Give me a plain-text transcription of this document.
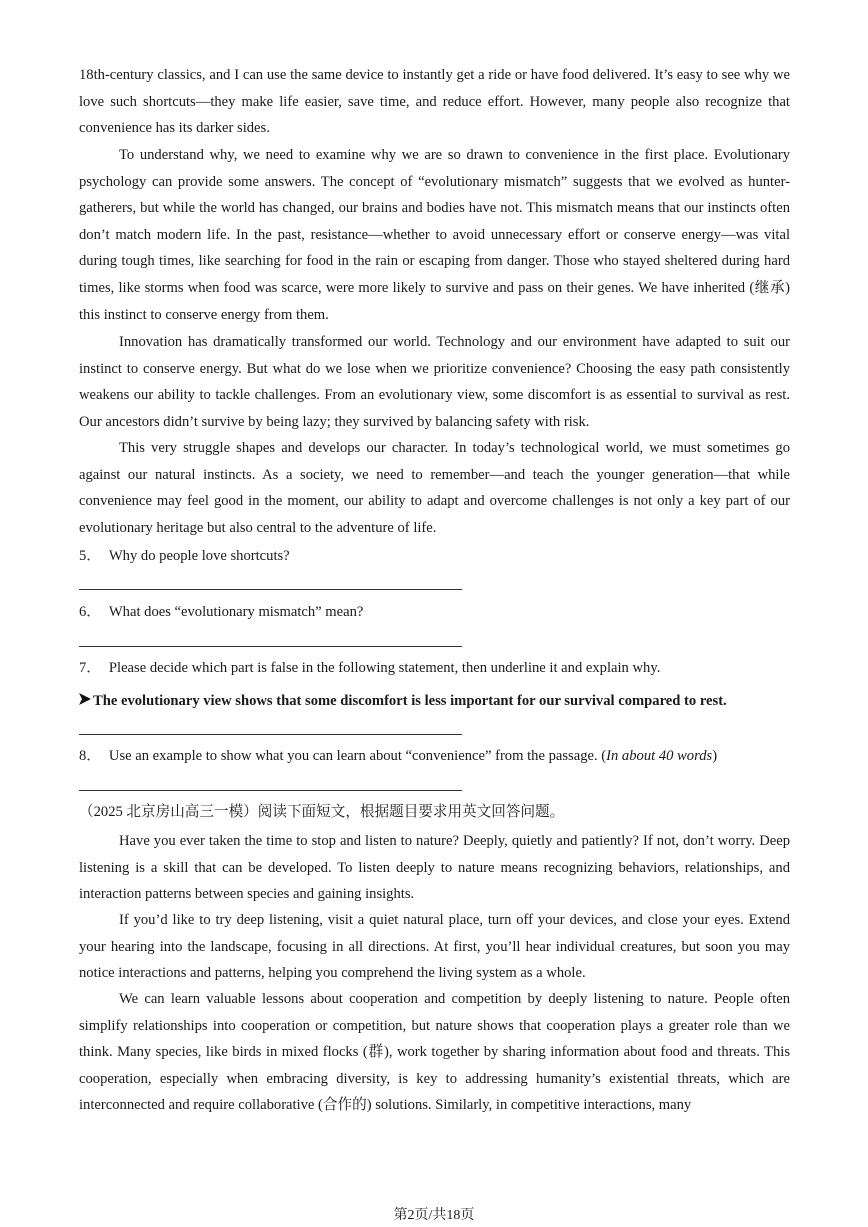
18th-century classics, and I can use the same device to instantly get a ride or have food delivered. It’s easy to see why we love such shortcuts—they make life easier, save time, and reduce effort. However, many people also recognize that convenience has its darker sides.

To understand why, we need to examine why we are so drawn to convenience in the first place. Evolutionary psychology can provide some answers. The concept of “evolutionary mismatch” suggests that we evolved as hunter-gatherers, but while the world has changed, our brains and bodies have not. This mismatch means that our instincts often don’t match modern life. In the past, resistance—whether to avoid unnecessary effort or conserve energy—was vital during tough times, like searching for food in the rain or escaping from danger. Those who stayed sheltered during hard times, like storms when food was scarce, were more likely to survive and pass on their genes. We have inherited (继承) this instinct to conserve energy from them.

Innovation has dramatically transformed our world. Technology and our environment have adapted to suit our instinct to conserve energy. But what do we lose when we prioritize convenience? Choosing the easy path consistently weakens our ability to tackle challenges. From an evolutionary view, some discomfort is as essential to survival as rest. Our ancestors didn’t survive by being lazy; they survived by balancing safety with risk.

This very struggle shapes and develops our character. In today’s technological world, we must sometimes go against our natural instincts. As a society, we need to remember—and teach the younger generation—that while convenience may feel good in the moment, our ability to adapt and overcome challenges is not only a key part of our evolutionary heritage but also central to the adventure of life.

5． Why do people love shortcuts?

6． What does “evolutionary mismatch” mean?

7． Please decide which part is false in the following statement, then underline it and explain why.

The evolutionary view shows that some discomfort is less important for our survival compared to rest.

8． Use an example to show what you can learn about “convenience” from the passage. (In about 40 words)

（2025 北京房山高三一模）阅读下面短文，根据题目要求用英文回答问题。

Have you ever taken the time to stop and listen to nature? Deeply, quietly and patiently? If not, don’t worry. Deep listening is a skill that can be developed. To listen deeply to nature means recognizing behaviors, relationships, and interaction patterns between species and gaining insights.

If you’d like to try deep listening, visit a quiet natural place, turn off your devices, and close your eyes. Extend your hearing into the landscape, focusing in all directions. At first, you’ll hear individual creatures, but soon you may notice interactions and patterns, helping you comprehend the living system as a whole.

We can learn valuable lessons about cooperation and competition by deeply listening to nature. People often simplify relationships into cooperation or competition, but nature shows that cooperation plays a greater role than we think. Many species, like birds in mixed flocks (群), work together by sharing information about food and threats. This cooperation, especially when embracing diversity, is key to addressing humanity’s existential threats, which are interconnected and require collaborative (合作的) solutions. Similarly, in competitive interactions, many

第2页/共18页
